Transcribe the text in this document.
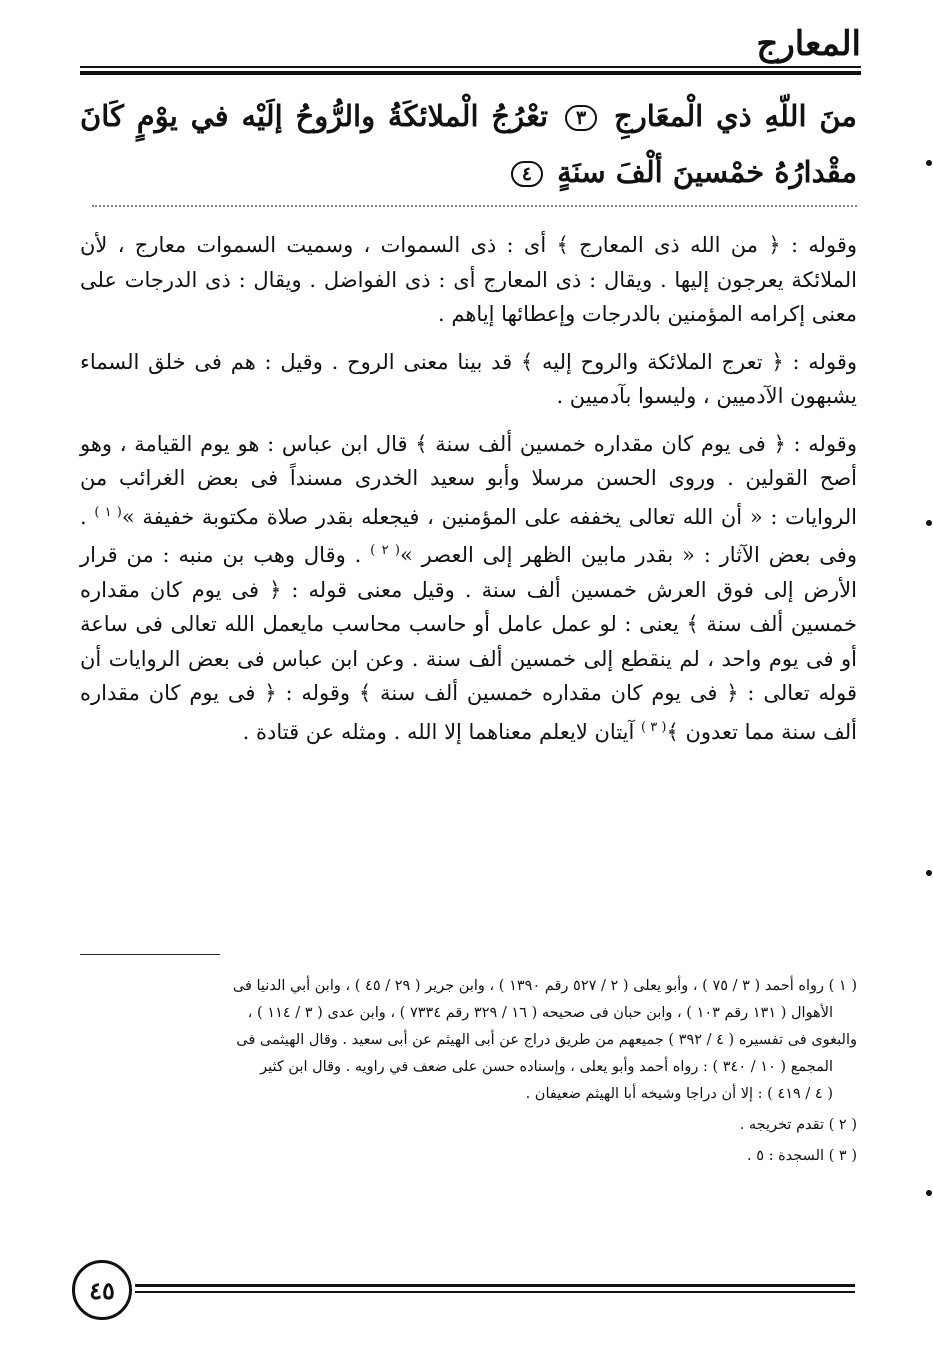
المعارج
منَ اللّهِ ذي الْمعَارجِ ٣ تعْرُجُ الْملائكَةُ والرُّوحُ إلَيْه في يوْمٍ كَانَ مقْدارُهُ خمْسينَ ألْفَ سنَةٍ ٤

وقوله : ﴿ من الله ذى المعارج ﴾ أى : ذى السموات ، وسميت السموات معارج ، لأن الملائكة يعرجون إليها . ويقال : ذى المعارج أى : ذى الفواضل . ويقال : ذى الدرجات على معنى إكرامه المؤمنين بالدرجات وإعطائها إياهم .

وقوله : ﴿ تعرج الملائكة والروح إليه ﴾ قد بينا معنى الروح . وقيل : هم فى خلق السماء يشبهون الآدميين ، وليسوا بآدميين .

وقوله : ﴿ فى يوم كان مقداره خمسين ألف سنة ﴾ قال ابن عباس : هو يوم القيامة ، وهو أصح القولين . وروى الحسن مرسلا وأبو سعيد الخدرى مسنداً فى بعض الغرائب من الروايات : « أن الله تعالى يخففه على المؤمنين ، فيجعله بقدر صلاة مكتوبة خفيفة »$^{( ١ )}$ . وفى بعض الآثار : « بقدر مابين الظهر إلى العصر »$^{( ٢ )}$ . وقال وهب بن منبه : من قرار الأرض إلى فوق العرش خمسين ألف سنة . وقيل معنى قوله : ﴿ فى يوم كان مقداره خمسين ألف سنة ﴾ يعنى : لو عمل عامل أو حاسب محاسب مايعمل الله تعالى فى ساعة أو فى يوم واحد ، لم ينقطع إلى خمسين ألف سنة . وعن ابن عباس فى بعض الروايات أن قوله تعالى : ﴿ فى يوم كان مقداره خمسين ألف سنة ﴾ وقوله : ﴿ فى يوم كان مقداره ألف سنة مما تعدون ﴾$^{( ٣ )}$ آيتان لايعلم معناهما إلا الله . ومثله عن قتادة .

( ١ ) رواه أحمد ( ٣ / ٧٥ ) ، وأبو يعلى ( ٢ / ٥٢٧ رقم ١٣٩٠ ) ، وابن جرير ( ٢٩ / ٤٥ ) ، وابن أبي الدنيا فى

الأهوال ( ١٣١ رقم ١٠٣ ) ، وابن حبان فى صحيحه ( ١٦ / ٣٢٩ رقم ٧٣٣٤ ) ، وابن عدى ( ٣ / ١١٤ ) ،

والبغوى فى تفسيره ( ٤ / ٣٩٢ ) جميعهم من طريق دراج عن أبى الهيثم عن أبى سعيد . وقال الهيثمى فى

المجمع ( ١٠ / ٣٤٠ ) : رواه أحمد وأبو يعلى ، وإسناده حسن على ضعف في راويه . وقال ابن كثير

( ٤ / ٤١٩ ) : إلا أن دراجا وشيخه أبا الهيثم ضعيفان .

( ٢ ) تقدم تخريجه .

( ٣ ) السجدة : ٥ .

٤٥
